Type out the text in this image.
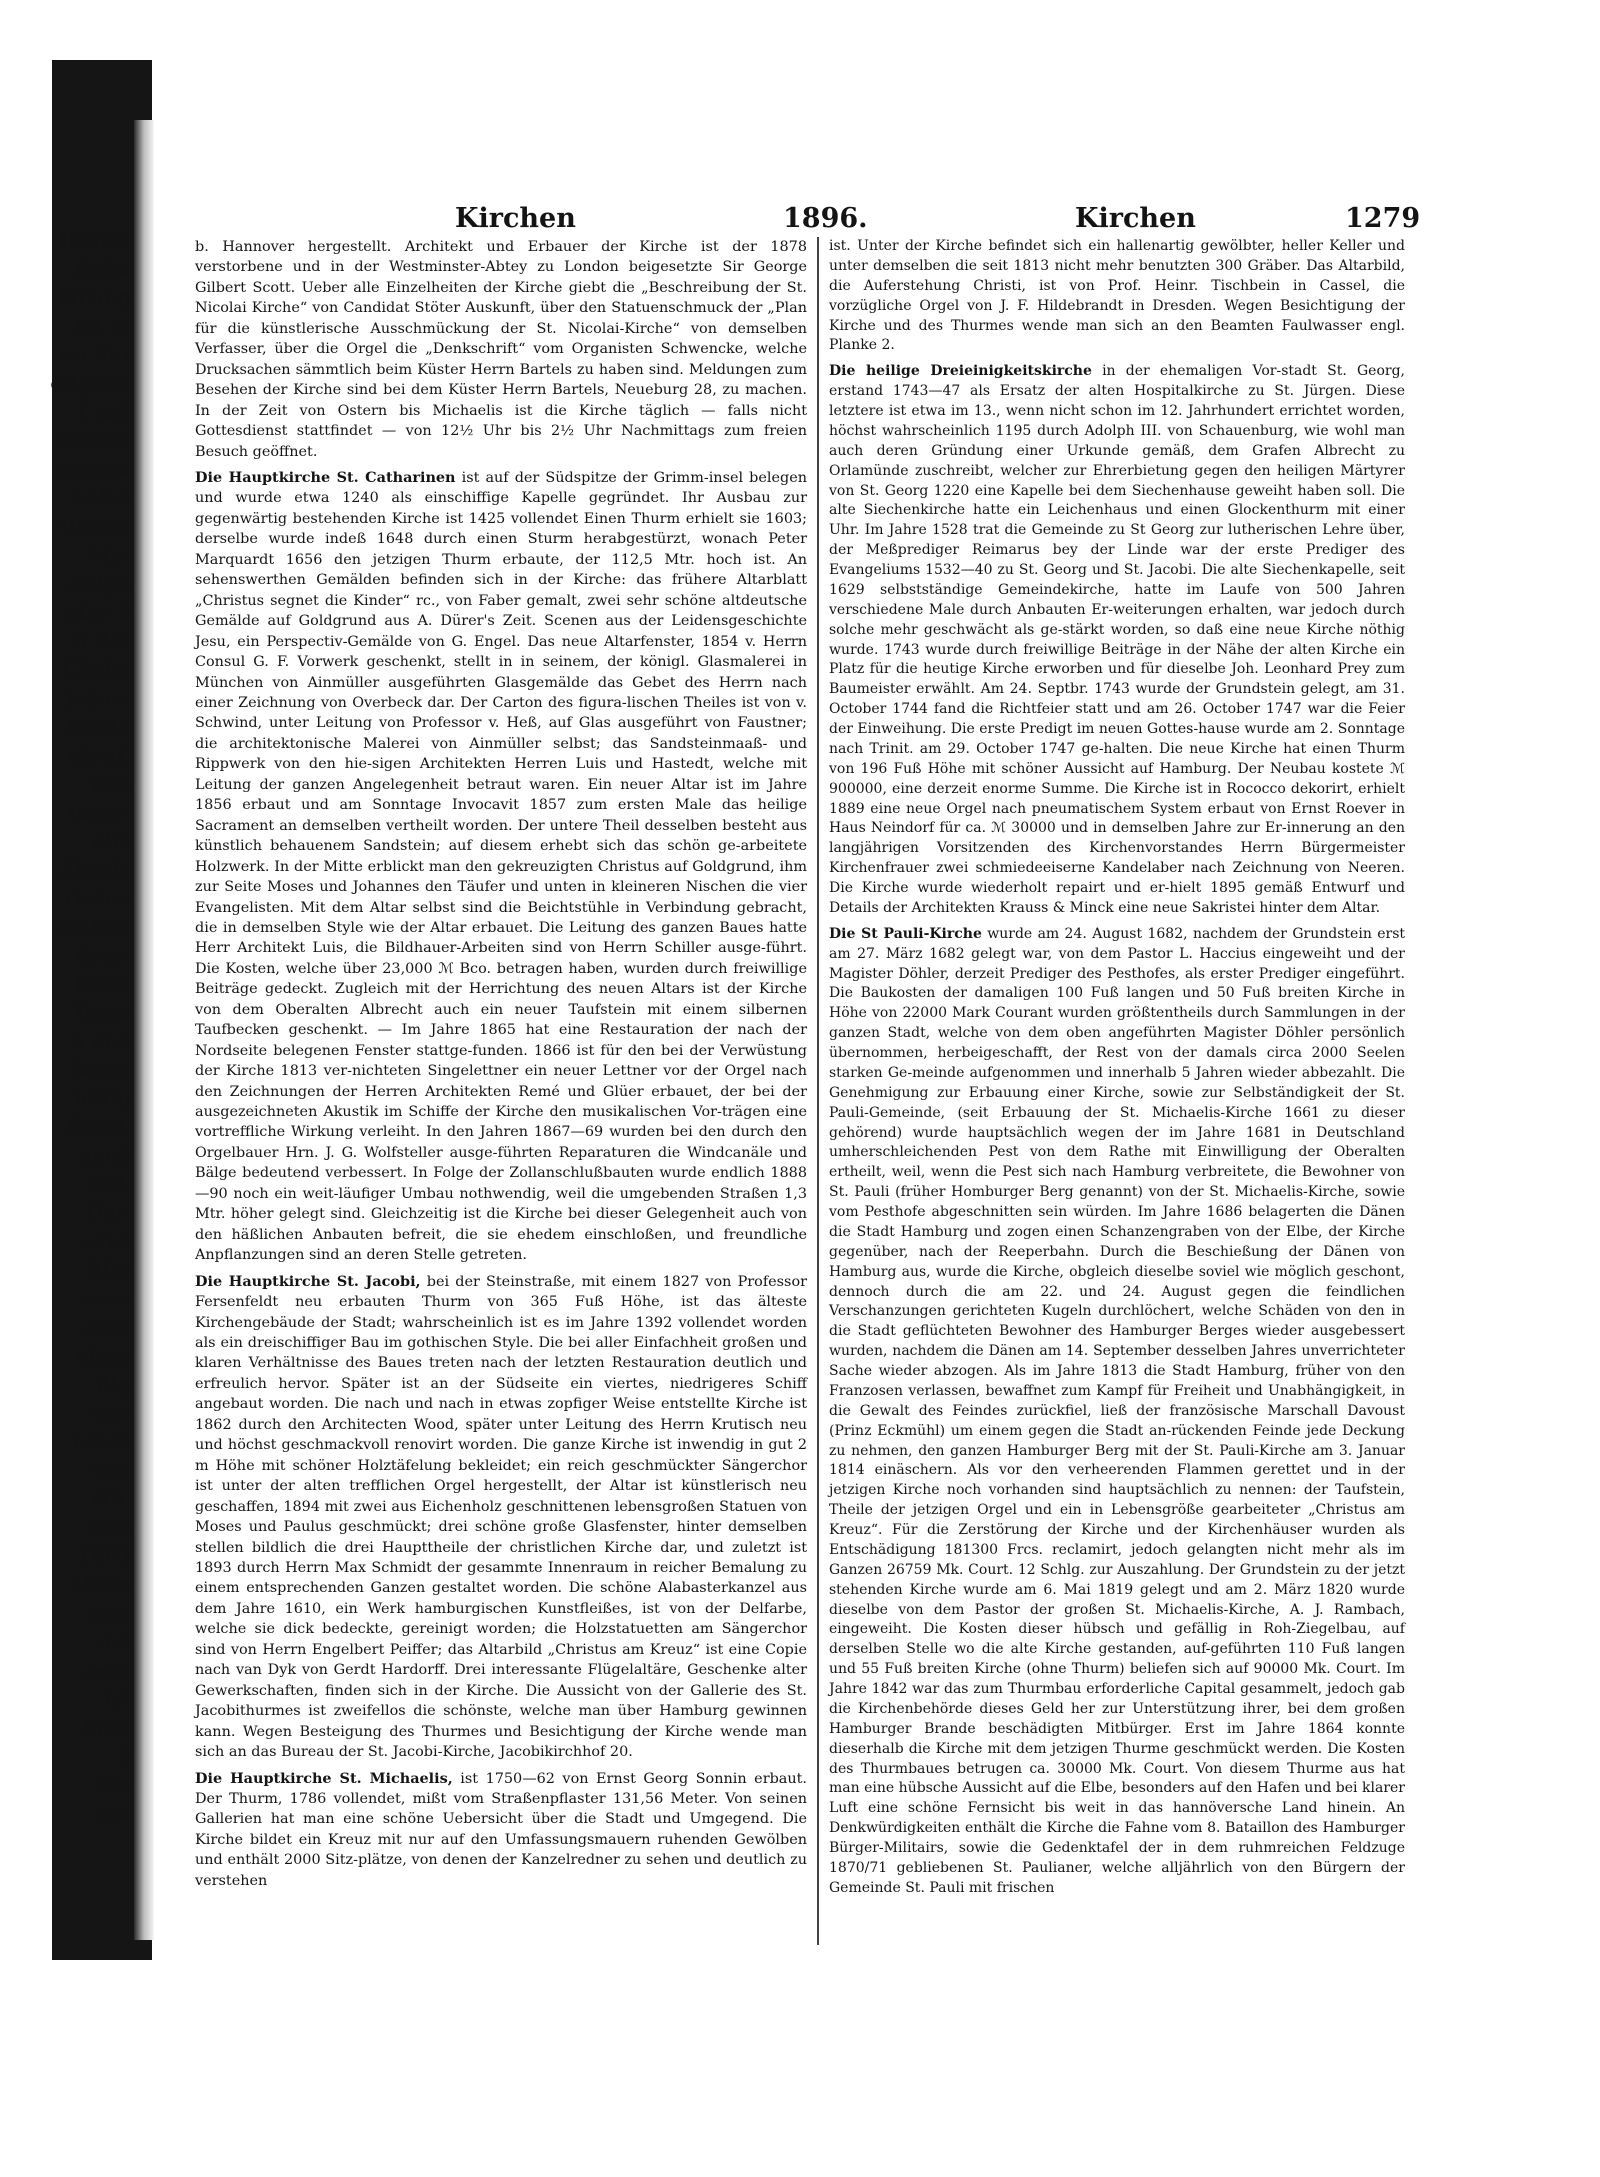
Hinter
Sohn
lärung
ist in
en der
ödgane
f mit
Heber-
nunten
aulus
ilhelm
Me-
dolph
nter 2
h der
Christ
Jesus-
hristo
utruf,
den
laser-
ohe
Zierde
rissen
ischen
dem-
ieder
ligen
n den
fange
hätig
Band,
nach
auf-
Del-
scus
Bild
zwei
eine
nisse
dig
von
nisch
von
rth.
und
1603
einen
iors
von
zwei
ist
iger,
8
von
ten
Kirchen	1896.	Kirchen	1279

b. Hannover hergestellt. Architekt und Erbauer der Kirche ist der 1878 verstorbene und in der Westminster-Abtey zu London beigesetzte Sir George Gilbert Scott. Ueber alle Einzelheiten der Kirche giebt die „Beschreibung der St. Nicolai Kirche“ von Candidat Stöter Auskunft, über den Statuenschmuck der „Plan für die künstlerische Ausschmückung der St. Nicolai-Kirche“ von demselben Verfasser, über die Orgel die „Denkschrift“ vom Organisten Schwencke, welche Drucksachen sämmtlich beim Küster Herrn Bartels zu haben sind. Meldungen zum Besehen der Kirche sind bei dem Küster Herrn Bartels, Neueburg 28, zu machen. In der Zeit von Ostern bis Michaelis ist die Kirche täglich — falls nicht Gottesdienst stattfindet — von 12½ Uhr bis 2½ Uhr Nachmittags zum freien Besuch geöffnet.

Die Hauptkirche St. Catharinen ist auf der Südspitze der Grimm-insel belegen und wurde etwa 1240 als einschiffige Kapelle gegründet. Ihr Ausbau zur gegenwärtig bestehenden Kirche ist 1425 vollendet Einen Thurm erhielt sie 1603; derselbe wurde indeß 1648 durch einen Sturm herabgestürzt, wonach Peter Marquardt 1656 den jetzigen Thurm erbaute, der 112,5 Mtr. hoch ist. An sehenswerthen Gemälden befinden sich in der Kirche: das frühere Altarblatt „Christus segnet die Kinder“ rc., von Faber gemalt, zwei sehr schöne altdeutsche Gemälde auf Goldgrund aus A. Dürer's Zeit. Scenen aus der Leidensgeschichte Jesu, ein Perspectiv-Gemälde von G. Engel. Das neue Altarfenster, 1854 v. Herrn Consul G. F. Vorwerk geschenkt, stellt in in seinem, der königl. Glasmalerei in München von Ainmüller ausgeführten Glasgemälde das Gebet des Herrn nach einer Zeichnung von Overbeck dar. Der Carton des figura-lischen Theiles ist von v. Schwind, unter Leitung von Professor v. Heß, auf Glas ausgeführt von Faustner; die architektonische Malerei von Ainmüller selbst; das Sandsteinmaaß- und Rippwerk von den hie-sigen Architekten Herren Luis und Hastedt, welche mit Leitung der ganzen Angelegenheit betraut waren. Ein neuer Altar ist im Jahre 1856 erbaut und am Sonntage Invocavit 1857 zum ersten Male das heilige Sacrament an demselben vertheilt worden. Der untere Theil desselben besteht aus künstlich behauenem Sandstein; auf diesem erhebt sich das schön ge-arbeitete Holzwerk. In der Mitte erblickt man den gekreuzigten Christus auf Goldgrund, ihm zur Seite Moses und Johannes den Täufer und unten in kleineren Nischen die vier Evangelisten. Mit dem Altar selbst sind die Beichtstühle in Verbindung gebracht, die in demselben Style wie der Altar erbauet. Die Leitung des ganzen Baues hatte Herr Architekt Luis, die Bildhauer-Arbeiten sind von Herrn Schiller ausge-führt. Die Kosten, welche über 23,000 ℳ Bco. betragen haben, wurden durch freiwillige Beiträge gedeckt. Zugleich mit der Herrichtung des neuen Altars ist der Kirche von dem Oberalten Albrecht auch ein neuer Taufstein mit einem silbernen Taufbecken geschenkt. — Im Jahre 1865 hat eine Restauration der nach der Nordseite belegenen Fenster stattge-funden. 1866 ist für den bei der Verwüstung der Kirche 1813 ver-nichteten Singelettner ein neuer Lettner vor der Orgel nach den Zeichnungen der Herren Architekten Remé und Glüer erbauet, der bei der ausgezeichneten Akustik im Schiffe der Kirche den musikalischen Vor-trägen eine vortreffliche Wirkung verleiht. In den Jahren 1867—69 wurden bei den durch den Orgelbauer Hrn. J. G. Wolfsteller ausge-führten Reparaturen die Windcanäle und Bälge bedeutend verbessert. In Folge der Zollanschlußbauten wurde endlich 1888—90 noch ein weit-läufiger Umbau nothwendig, weil die umgebenden Straßen 1,3 Mtr. höher gelegt sind. Gleichzeitig ist die Kirche bei dieser Gelegenheit auch von den häßlichen Anbauten befreit, die sie ehedem einschloßen, und freundliche Anpflanzungen sind an deren Stelle getreten.

Die Hauptkirche St. Jacobi, bei der Steinstraße, mit einem 1827 von Professor Fersenfeldt neu erbauten Thurm von 365 Fuß Höhe, ist das älteste Kirchengebäude der Stadt; wahrscheinlich ist es im Jahre 1392 vollendet worden als ein dreischiffiger Bau im gothischen Style. Die bei aller Einfachheit großen und klaren Verhältnisse des Baues treten nach der letzten Restauration deutlich und erfreulich hervor. Später ist an der Südseite ein viertes, niedrigeres Schiff angebaut worden. Die nach und nach in etwas zopfiger Weise entstellte Kirche ist 1862 durch den Architecten Wood, später unter Leitung des Herrn Krutisch neu und höchst geschmackvoll renovirt worden. Die ganze Kirche ist inwendig in gut 2 m Höhe mit schöner Holztäfelung bekleidet; ein reich geschmückter Sängerchor ist unter der alten trefflichen Orgel hergestellt, der Altar ist künstlerisch neu geschaffen, 1894 mit zwei aus Eichenholz geschnittenen lebensgroßen Statuen von Moses und Paulus geschmückt; drei schöne große Glasfenster, hinter demselben stellen bildlich die drei Haupttheile der christlichen Kirche dar, und zuletzt ist 1893 durch Herrn Max Schmidt der gesammte Innenraum in reicher Bemalung zu einem entsprechenden Ganzen gestaltet worden. Die schöne Alabasterkanzel aus dem Jahre 1610, ein Werk hamburgischen Kunstfleißes, ist von der Delfarbe, welche sie dick bedeckte, gereinigt worden; die Holzstatuetten am Sängerchor sind von Herrn Engelbert Peiffer; das Altarbild „Christus am Kreuz“ ist eine Copie nach van Dyk von Gerdt Hardorff. Drei interessante Flügelaltäre, Geschenke alter Gewerkschaften, finden sich in der Kirche. Die Aussicht von der Gallerie des St. Jacobithurmes ist zweifellos die schönste, welche man über Hamburg gewinnen kann. Wegen Besteigung des Thurmes und Besichtigung der Kirche wende man sich an das Bureau der St. Jacobi-Kirche, Jacobikirchhof 20.

Die Hauptkirche St. Michaelis, ist 1750—62 von Ernst Georg Sonnin erbaut. Der Thurm, 1786 vollendet, mißt vom Straßenpflaster 131,56 Meter. Von seinen Gallerien hat man eine schöne Uebersicht über die Stadt und Umgegend. Die Kirche bildet ein Kreuz mit nur auf den Umfassungsmauern ruhenden Gewölben und enthält 2000 Sitz-plätze, von denen der Kanzelredner zu sehen und deutlich zu verstehen

ist. Unter der Kirche befindet sich ein hallenartig gewölbter, heller Keller und unter demselben die seit 1813 nicht mehr benutzten 300 Gräber. Das Altarbild, die Auferstehung Christi, ist von Prof. Heinr. Tischbein in Cassel, die vorzügliche Orgel von J. F. Hildebrandt in Dresden. Wegen Besichtigung der Kirche und des Thurmes wende man sich an den Beamten Faulwasser engl. Planke 2.

Die heilige Dreieinigkeitskirche in der ehemaligen Vor-stadt St. Georg, erstand 1743—47 als Ersatz der alten Hospitalkirche zu St. Jürgen. Diese letztere ist etwa im 13., wenn nicht schon im 12. Jahrhundert errichtet worden, höchst wahrscheinlich 1195 durch Adolph III. von Schauenburg, wie wohl man auch deren Gründung einer Urkunde gemäß, dem Grafen Albrecht zu Orlamünde zuschreibt, welcher zur Ehrerbietung gegen den heiligen Märtyrer von St. Georg 1220 eine Kapelle bei dem Siechenhause geweiht haben soll. Die alte Siechenkirche hatte ein Leichenhaus und einen Glockenthurm mit einer Uhr. Im Jahre 1528 trat die Gemeinde zu St Georg zur lutherischen Lehre über, der Meßprediger Reimarus bey der Linde war der erste Prediger des Evangeliums 1532—40 zu St. Georg und St. Jacobi. Die alte Siechenkapelle, seit 1629 selbstständige Gemeindekirche, hatte im Laufe von 500 Jahren verschiedene Male durch Anbauten Er-weiterungen erhalten, war jedoch durch solche mehr geschwächt als ge-stärkt worden, so daß eine neue Kirche nöthig wurde. 1743 wurde durch freiwillige Beiträge in der Nähe der alten Kirche ein Platz für die heutige Kirche erworben und für dieselbe Joh. Leonhard Prey zum Baumeister erwählt. Am 24. Septbr. 1743 wurde der Grundstein gelegt, am 31. October 1744 fand die Richtfeier statt und am 26. October 1747 war die Feier der Einweihung. Die erste Predigt im neuen Gottes-hause wurde am 2. Sonntage nach Trinit. am 29. October 1747 ge-halten. Die neue Kirche hat einen Thurm von 196 Fuß Höhe mit schöner Aussicht auf Hamburg. Der Neubau kostete ℳ 900000, eine derzeit enorme Summe. Die Kirche ist in Rococco dekorirt, erhielt 1889 eine neue Orgel nach pneumatischem System erbaut von Ernst Roever in Haus Neindorf für ca. ℳ 30000 und in demselben Jahre zur Er-innerung an den langjährigen Vorsitzenden des Kirchenvorstandes Herrn Bürgermeister Kirchenfrauer zwei schmiedeeiserne Kandelaber nach Zeichnung von Neeren. Die Kirche wurde wiederholt repairt und er-hielt 1895 gemäß Entwurf und Details der Architekten Krauss & Minck eine neue Sakristei hinter dem Altar.

Die St Pauli-Kirche wurde am 24. August 1682, nachdem der Grundstein erst am 27. März 1682 gelegt war, von dem Pastor L. Haccius eingeweiht und der Magister Döhler, derzeit Prediger des Pesthofes, als erster Prediger eingeführt. Die Baukosten der damaligen 100 Fuß langen und 50 Fuß breiten Kirche in Höhe von 22000 Mark Courant wurden größtentheils durch Sammlungen in der ganzen Stadt, welche von dem oben angeführten Magister Döhler persönlich übernommen, herbeigeschafft, der Rest von der damals circa 2000 Seelen starken Ge-meinde aufgenommen und innerhalb 5 Jahren wieder abbezahlt. Die Genehmigung zur Erbauung einer Kirche, sowie zur Selbständigkeit der St. Pauli-Gemeinde, (seit Erbauung der St. Michaelis-Kirche 1661 zu dieser gehörend) wurde hauptsächlich wegen der im Jahre 1681 in Deutschland umherschleichenden Pest von dem Rathe mit Einwilligung der Oberalten ertheilt, weil, wenn die Pest sich nach Hamburg verbreitete, die Bewohner von St. Pauli (früher Homburger Berg genannt) von der St. Michaelis-Kirche, sowie vom Pesthofe abgeschnitten sein würden. Im Jahre 1686 belagerten die Dänen die Stadt Hamburg und zogen einen Schanzengraben von der Elbe, der Kirche gegenüber, nach der Reeperbahn. Durch die Beschießung der Dänen von Hamburg aus, wurde die Kirche, obgleich dieselbe soviel wie möglich geschont, dennoch durch die am 22. und 24. August gegen die feindlichen Verschanzungen gerichteten Kugeln durchlöchert, welche Schäden von den in die Stadt geflüchteten Bewohner des Hamburger Berges wieder ausgebessert wurden, nachdem die Dänen am 14. September desselben Jahres unverrichteter Sache wieder abzogen. Als im Jahre 1813 die Stadt Hamburg, früher von den Franzosen verlassen, bewaffnet zum Kampf für Freiheit und Unabhängigkeit, in die Gewalt des Feindes zurückfiel, ließ der französische Marschall Davoust (Prinz Eckmühl) um einem gegen die Stadt an-rückenden Feinde jede Deckung zu nehmen, den ganzen Hamburger Berg mit der St. Pauli-Kirche am 3. Januar 1814 einäschern. Als vor den verheerenden Flammen gerettet und in der jetzigen Kirche noch vorhanden sind hauptsächlich zu nennen: der Taufstein, Theile der jetzigen Orgel und ein in Lebensgröße gearbeiteter „Christus am Kreuz“. Für die Zerstörung der Kirche und der Kirchenhäuser wurden als Entschädigung 181300 Frcs. reclamirt, jedoch gelangten nicht mehr als im Ganzen 26759 Mk. Court. 12 Schlg. zur Auszahlung. Der Grundstein zu der jetzt stehenden Kirche wurde am 6. Mai 1819 gelegt und am 2. März 1820 wurde dieselbe von dem Pastor der großen St. Michaelis-Kirche, A. J. Rambach, eingeweiht. Die Kosten dieser hübsch und gefällig in Roh-Ziegelbau, auf derselben Stelle wo die alte Kirche gestanden, auf-geführten 110 Fuß langen und 55 Fuß breiten Kirche (ohne Thurm) beliefen sich auf 90000 Mk. Court. Im Jahre 1842 war das zum Thurmbau erforderliche Capital gesammelt, jedoch gab die Kirchenbehörde dieses Geld her zur Unterstützung ihrer, bei dem großen Hamburger Brande beschädigten Mitbürger. Erst im Jahre 1864 konnte dieserhalb die Kirche mit dem jetzigen Thurme geschmückt werden. Die Kosten des Thurmbaues betrugen ca. 30000 Mk. Court. Von diesem Thurme aus hat man eine hübsche Aussicht auf die Elbe, besonders auf den Hafen und bei klarer Luft eine schöne Fernsicht bis weit in das hannöversche Land hinein. An Denkwürdigkeiten enthält die Kirche die Fahne vom 8. Bataillon des Hamburger Bürger-Militairs, sowie die Gedenktafel der in dem ruhmreichen Feldzuge 1870/71 gebliebenen St. Paulianer, welche alljährlich von den Bürgern der Gemeinde St. Pauli mit frischen
